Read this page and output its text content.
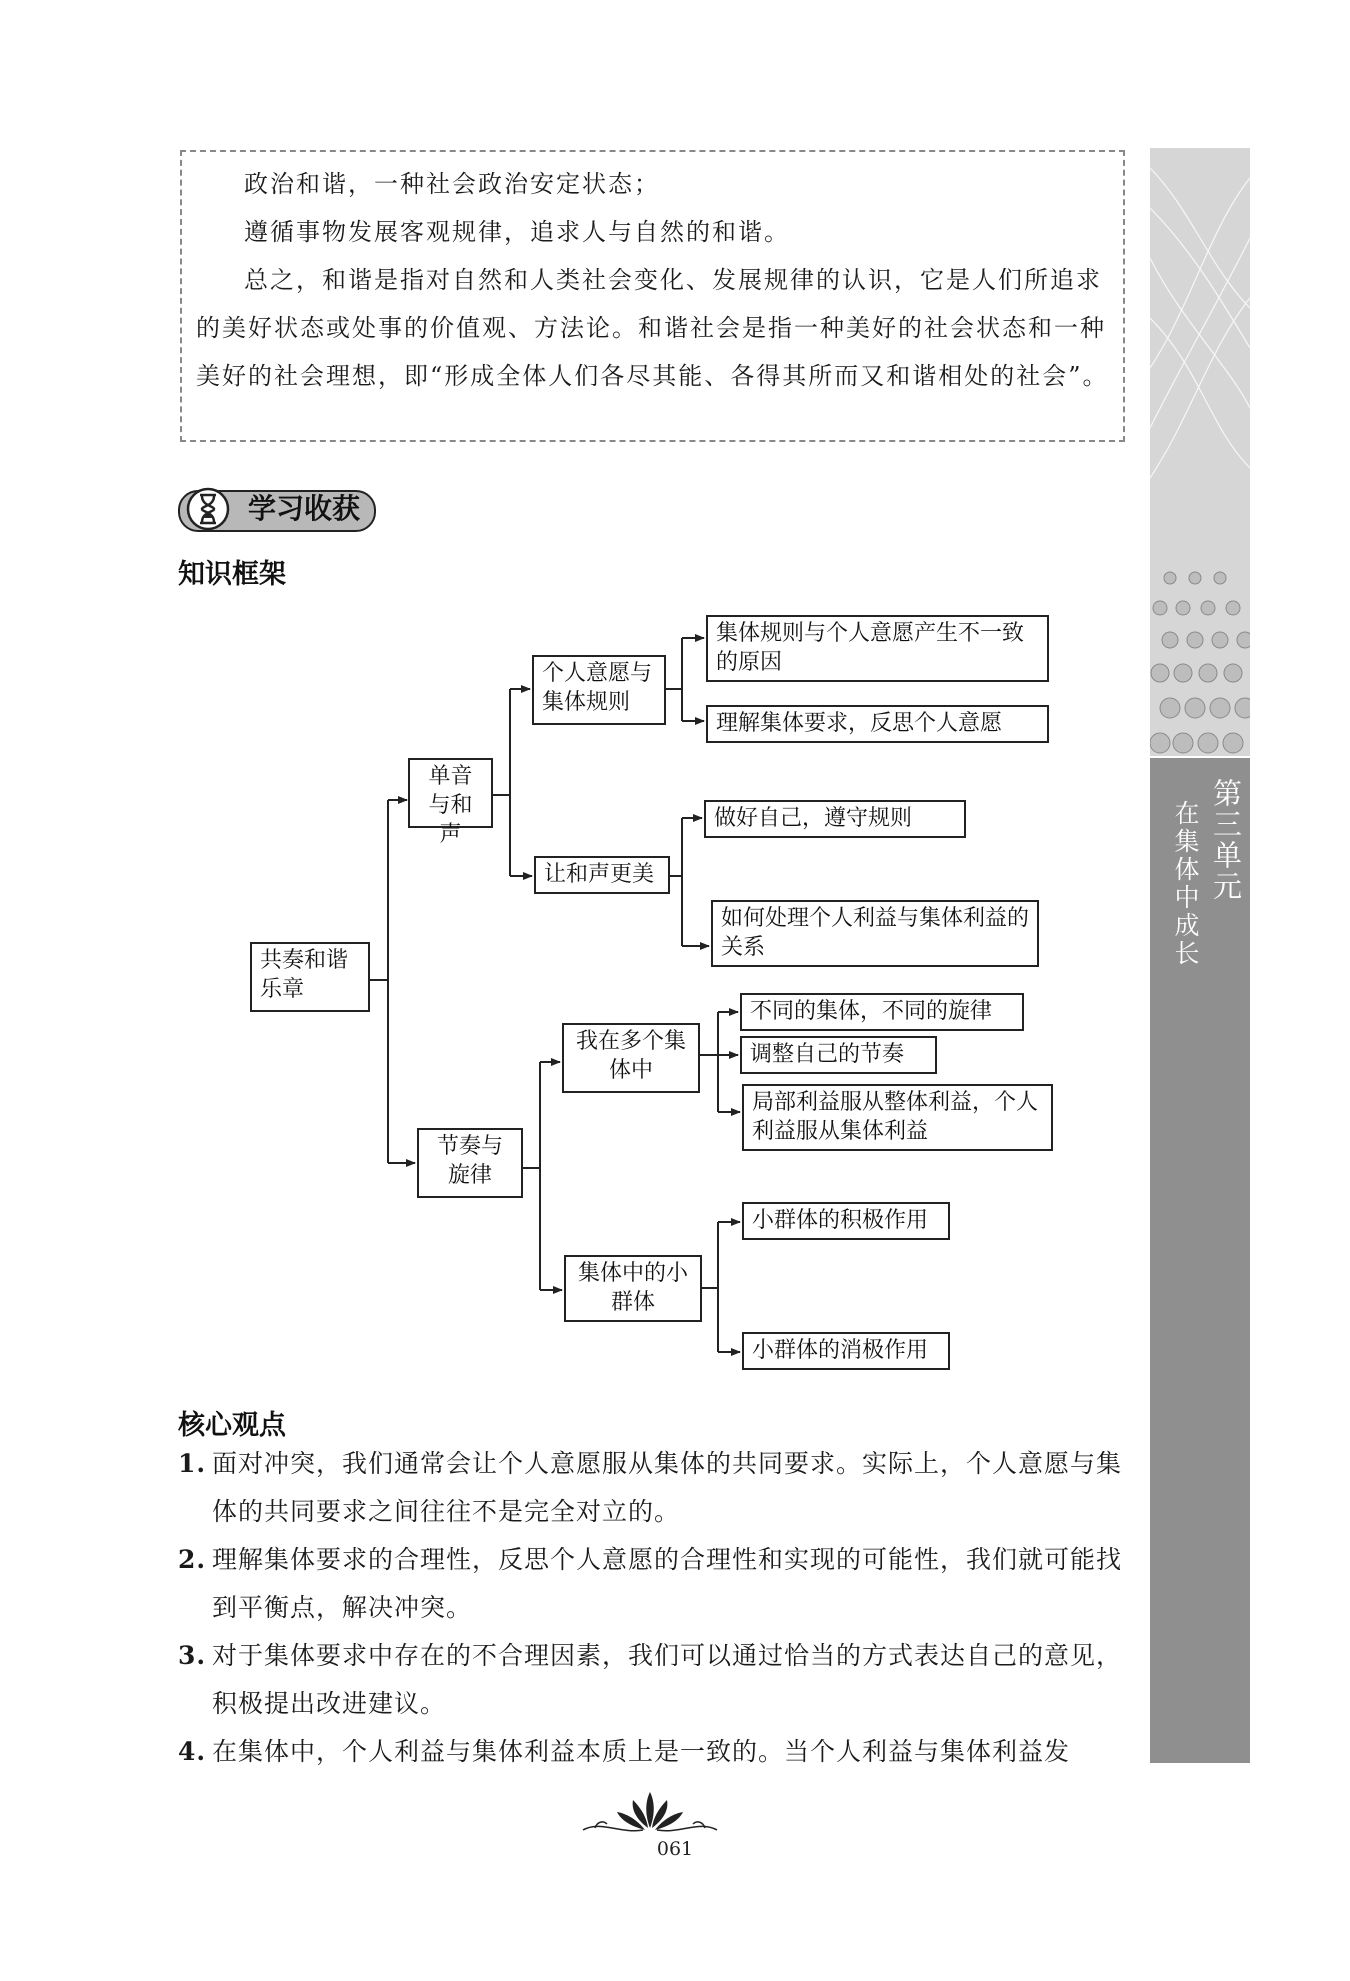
政治和谐，一种社会政治安定状态；

遵循事物发展客观规律，追求人与自然的和谐。

总之，和谐是指对自然和人类社会变化、发展规律的认识，它是人们所追求的美好状态或处事的价值观、方法论。和谐社会是指一种美好的社会状态和一种美好的社会理想，即“形成全体人们各尽其能、各得其所而又和谐相处的社会”。

学习收获
知识框架
共奏和谐乐章
单音与和声
个人意愿与集体规则
集体规则与个人意愿产生不一致的原因
理解集体要求，反思个人意愿
让和声更美
做好自己，遵守规则
如何处理个人利益与集体利益的关系
节奏与旋律
我在多个集体中
不同的集体，不同的旋律
调整自己的节奏
局部利益服从整体利益，个人利益服从集体利益
集体中的小群体
小群体的积极作用
小群体的消极作用
核心观点

1. 面对冲突，我们通常会让个人意愿服从集体的共同要求。实际上，个人意愿与集体的共同要求之间往往不是完全对立的。

2. 理解集体要求的合理性，反思个人意愿的合理性和实现的可能性，我们就可能找到平衡点，解决冲突。

3. 对于集体要求中存在的不合理因素，我们可以通过恰当的方式表达自己的意见，积极提出改进建议。

4. 在集体中，个人利益与集体利益本质上是一致的。当个人利益与集体利益发

第三单元
在集体中成长
061
